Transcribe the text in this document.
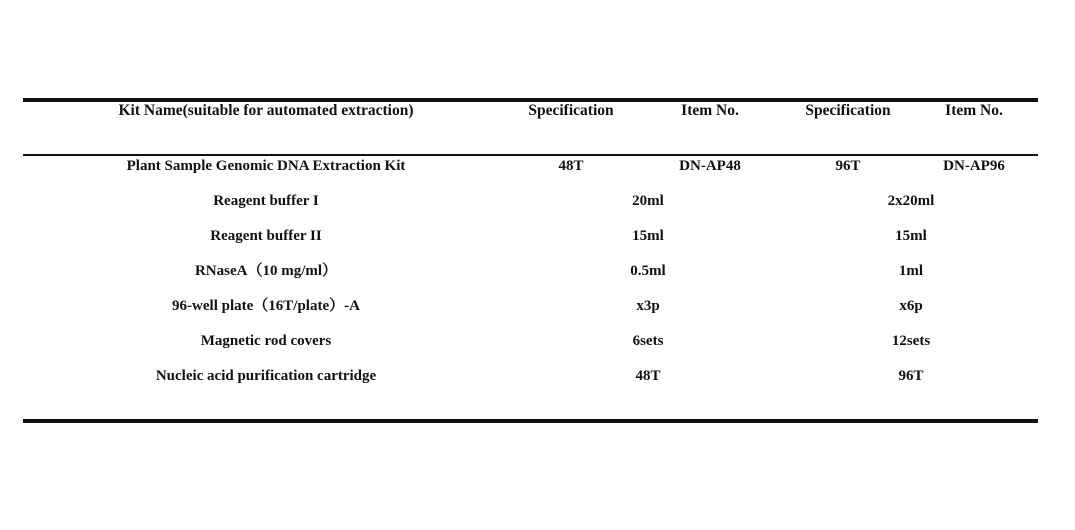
Kit Name(suitable for automated extraction)	Specification	Item No.	Specification	Item No.
Plant Sample Genomic DNA Extraction Kit	48T	DN-AP48	96T	DN-AP96
Reagent buffer I	20ml	2x20ml
Reagent buffer II	15ml	15ml
RNaseA（10 mg/ml）	0.5ml	1ml
96-well plate（16T/plate）-A	x3p	x6p
Magnetic rod covers	6sets	12sets
Nucleic acid purification cartridge	48T	96T
